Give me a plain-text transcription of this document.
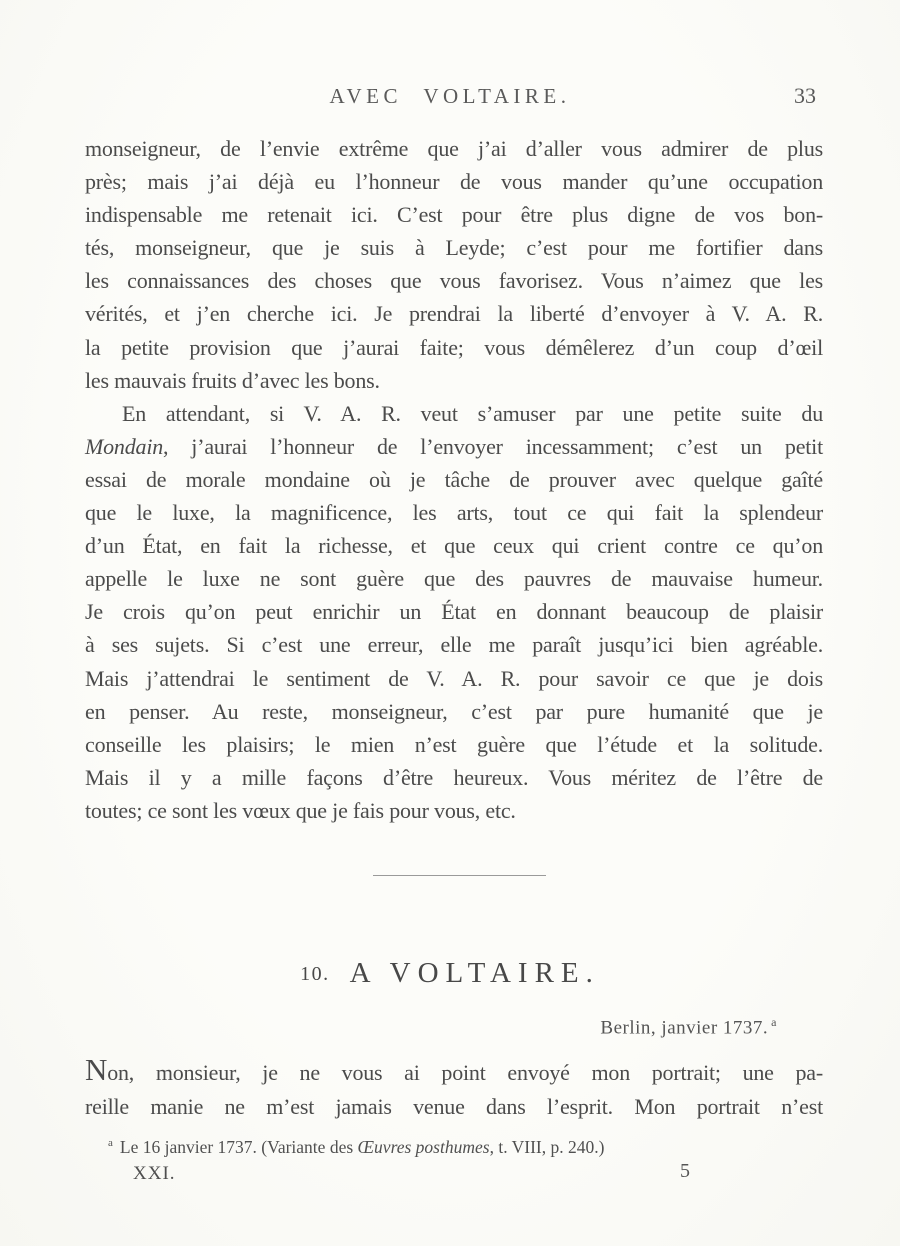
AVEC VOLTAIRE.	33
monseigneur, de l’envie extrême que j’ai d’aller vous admirer de plus
près; mais j’ai déjà eu l’honneur de vous mander qu’une occupation
indispensable me retenait ici. C’est pour être plus digne de vos bon-
tés, monseigneur, que je suis à Leyde; c’est pour me fortifier dans
les connaissances des choses que vous favorisez. Vous n’aimez que les
vérités, et j’en cherche ici. Je prendrai la liberté d’envoyer à V. A. R.
la petite provision que j’aurai faite; vous démêlerez d’un coup d’œil
les mauvais fruits d’avec les bons.
En attendant, si V. A. R. veut s’amuser par une petite suite du
Mondain, j’aurai l’honneur de l’envoyer incessamment; c’est un petit
essai de morale mondaine où je tâche de prouver avec quelque gaîté
que le luxe, la magnificence, les arts, tout ce qui fait la splendeur
d’un État, en fait la richesse, et que ceux qui crient contre ce qu’on
appelle le luxe ne sont guère que des pauvres de mauvaise humeur.
Je crois qu’on peut enrichir un État en donnant beaucoup de plaisir
à ses sujets. Si c’est une erreur, elle me paraît jusqu’ici bien agréable.
Mais j’attendrai le sentiment de V. A. R. pour savoir ce que je dois
en penser. Au reste, monseigneur, c’est par pure humanité que je
conseille les plaisirs; le mien n’est guère que l’étude et la solitude.
Mais il y a mille façons d’être heureux. Vous méritez de l’être de
toutes; ce sont les vœux que je fais pour vous, etc.
10. A VOLTAIRE.
Berlin, janvier 1737. $^a$
Non, monsieur, je ne vous ai point envoyé mon portrait; une pa-
reille manie ne m’est jamais venue dans l’esprit. Mon portrait n’est
$^a$ Le 16 janvier 1737. (Variante des Œuvres posthumes, t. VIII, p. 240.)
XXI.	5
